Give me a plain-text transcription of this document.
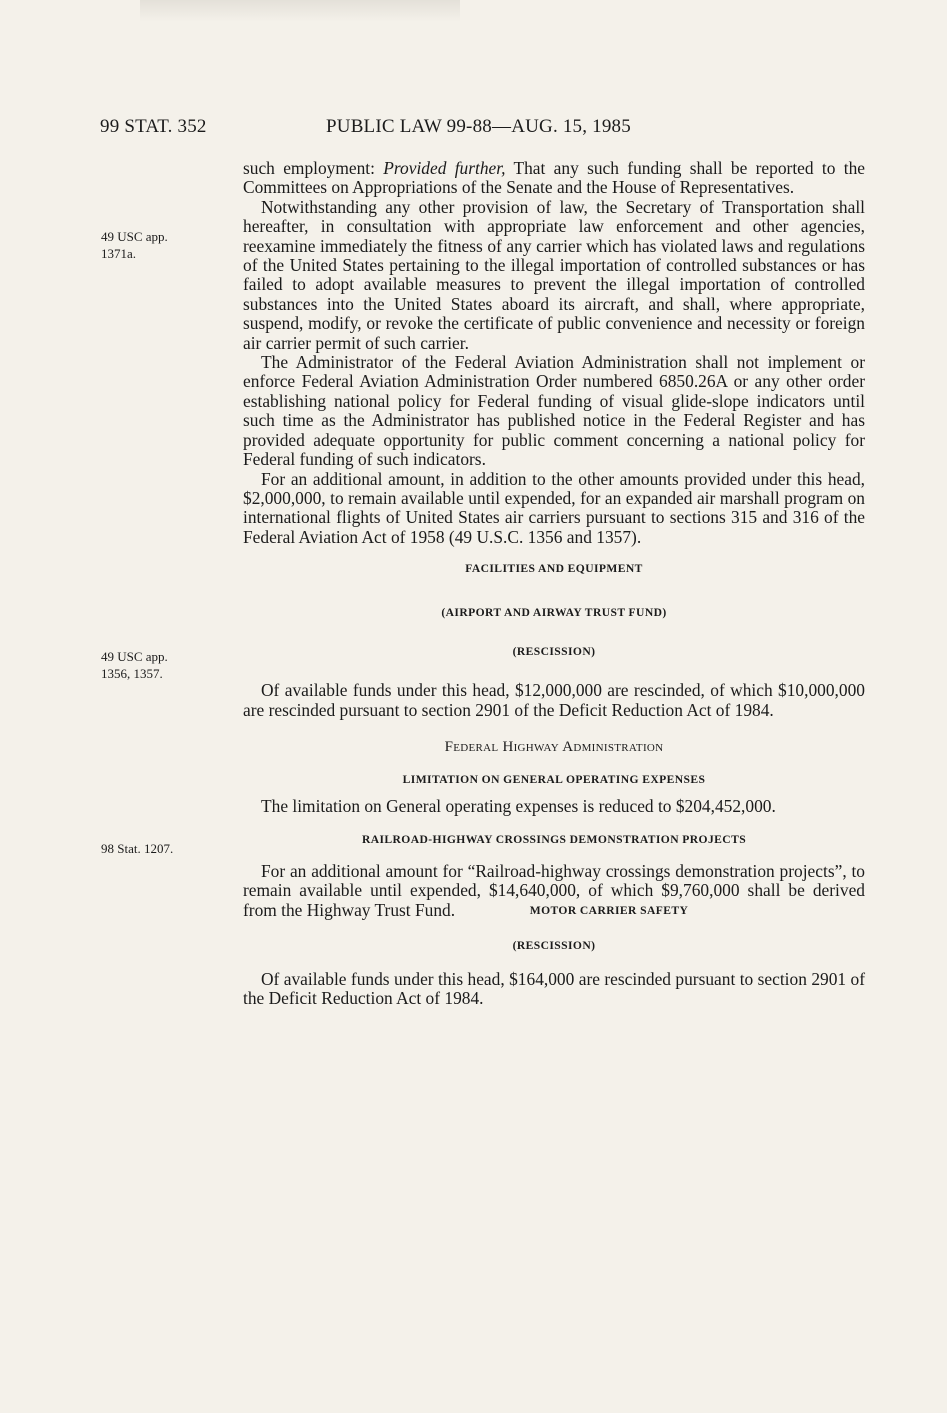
99 STAT. 352	PUBLIC LAW 99-88—AUG. 15, 1985
49 USC app.
1371a.
49 USC app.
1356, 1357.
98 Stat. 1207.

such employment: Provided further, That any such funding shall be reported to the Committees on Appropriations of the Senate and the House of Representatives.

Notwithstanding any other provision of law, the Secretary of Transportation shall hereafter, in consultation with appropriate law enforcement and other agencies, reexamine immediately the fitness of any carrier which has violated laws and regulations of the United States pertaining to the illegal importation of controlled substances or has failed to adopt available measures to prevent the illegal importation of controlled substances into the United States aboard its aircraft, and shall, where appropriate, suspend, modify, or revoke the certificate of public convenience and necessity or foreign air carrier permit of such carrier.

The Administrator of the Federal Aviation Administration shall not implement or enforce Federal Aviation Administration Order numbered 6850.26A or any other order establishing national policy for Federal funding of visual glide-slope indicators until such time as the Administrator has published notice in the Federal Register and has provided adequate opportunity for public comment concerning a national policy for Federal funding of such indicators.

For an additional amount, in addition to the other amounts provided under this head, $2,000,000, to remain available until expended, for an expanded air marshall program on international flights of United States air carriers pursuant to sections 315 and 316 of the Federal Aviation Act of 1958 (49 U.S.C. 1356 and 1357).

FACILITIES AND EQUIPMENT

(AIRPORT AND AIRWAY TRUST FUND)

(RESCISSION)

Of available funds under this head, $12,000,000 are rescinded, of which $10,000,000 are rescinded pursuant to section 2901 of the Deficit Reduction Act of 1984.

Federal Highway Administration

LIMITATION ON GENERAL OPERATING EXPENSES

The limitation on General operating expenses is reduced to $204,452,000.

RAILROAD-HIGHWAY CROSSINGS DEMONSTRATION PROJECTS

For an additional amount for “Railroad-highway crossings demonstration projects”, to remain available until expended, $14,640,000, of which $9,760,000 shall be derived from the Highway Trust Fund.	MOTOR CARRIER SAFETY

(RESCISSION)

Of available funds under this head, $164,000 are rescinded pursuant to section 2901 of the Deficit Reduction Act of 1984.
